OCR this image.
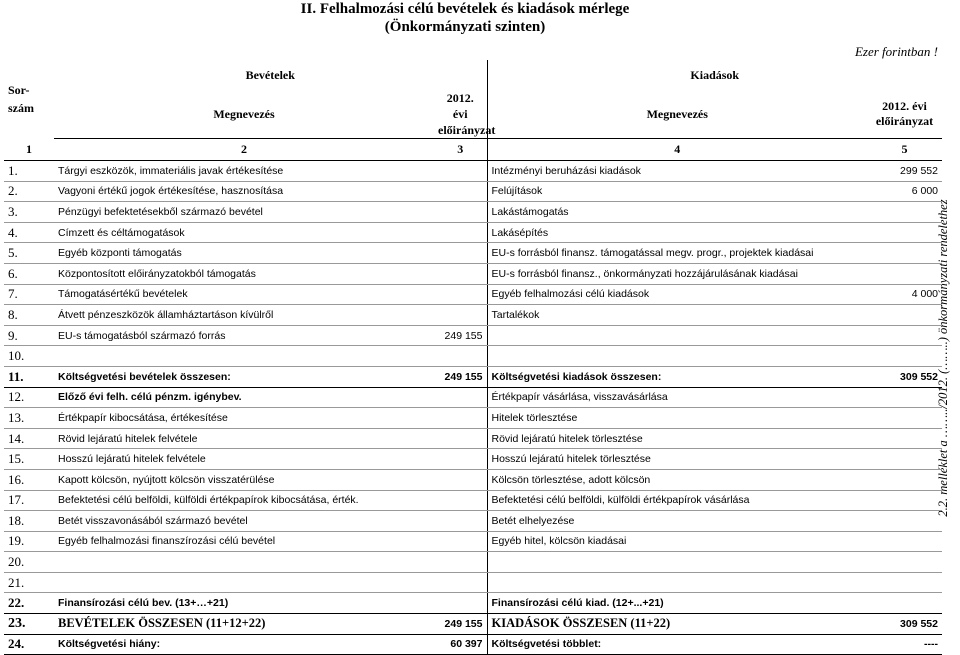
II. Felhalmozási célú bevételek és kiadások mérlege
(Önkormányzati szinten)
Ezer forintban !
2.2. melléklet a ……../2012. (……..) önkormányzati rendelethez
Sor-
szám	Bevételek		Kiadások	
	Megnevezés	2012. évi
előirányzat	Megnevezés	2012. évi előirányzat
1	2	3	4	5
1.	Tárgyi eszközök, immateriális javak értékesítése		Intézményi beruházási kiadások	299 552
2.	Vagyoni értékű jogok értékesítése, hasznosítása		Felújítások	6 000
3.	Pénzügyi befektetésekből származó bevétel		Lakástámogatás	
4.	Címzett és céltámogatások		Lakásépítés	
5.	Egyéb központi támogatás		EU-s forrásból finansz. támogatással megv. progr., projektek kiadásai	
6.	Központosított előirányzatokból támogatás		EU-s forrásból finansz., önkormányzati hozzájárulásának kiadásai	
7.	Támogatásértékű bevételek		Egyéb felhalmozási célú kiadások	4 000
8.	Átvett pénzeszközök államháztartáson kívülről		Tartalékok	
9.	EU-s támogatásból származó forrás	249 155		
10.				
11.	Költségvetési bevételek összesen:	249 155	Költségvetési kiadások összesen:	309 552
12.	Előző évi felh. célú pénzm. igénybev.		Értékpapír vásárlása, visszavásárlása	
13.	Értékpapír kibocsátása, értékesítése		Hitelek törlesztése	
14.	Rövid lejáratú hitelek felvétele		Rövid lejáratú hitelek törlesztése	
15.	Hosszú lejáratú hitelek felvétele		Hosszú lejáratú hitelek törlesztése	
16.	Kapott kölcsön, nyújtott kölcsön visszatérülése		Kölcsön törlesztése, adott kölcsön	
17.	Befektetési célú belföldi, külföldi értékpapírok kibocsátása, érték.		Befektetési célú belföldi, külföldi értékpapírok vásárlása	
18.	Betét visszavonásából származó bevétel		Betét elhelyezése	
19.	Egyéb felhalmozási finanszírozási célú bevétel		Egyéb hitel, kölcsön kiadásai	
20.				
21.				
22.	Finansírozási célú bev. (13+…+21)		Finansírozási célú kiad. (12+...+21)	
23.	BEVÉTELEK ÖSSZESEN (11+12+22)	249 155	KIADÁSOK ÖSSZESEN (11+22)	309 552
24.	Költségvetési hiány:	60 397	Költségvetési többlet:	----
